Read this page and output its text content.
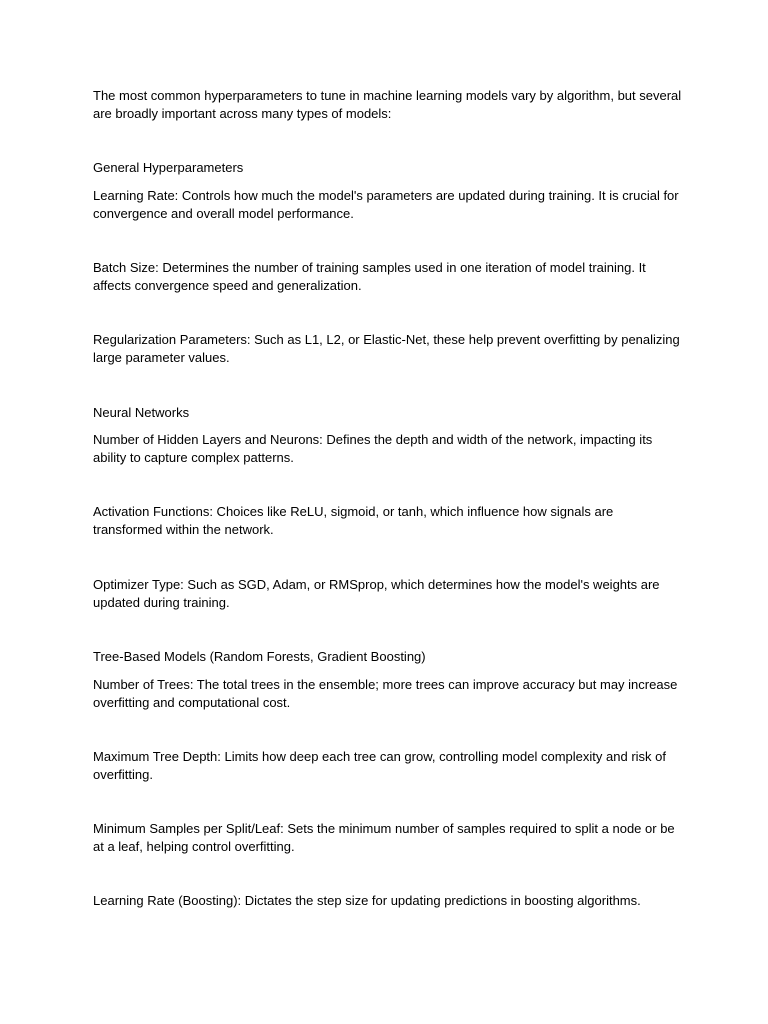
The most common hyperparameters to tune in machine learning models vary by algorithm, but several are broadly important across many types of models:

General Hyperparameters

Learning Rate: Controls how much the model's parameters are updated during training. It is crucial for convergence and overall model performance.

Batch Size: Determines the number of training samples used in one iteration of model training. It affects convergence speed and generalization.

Regularization Parameters: Such as L1, L2, or Elastic-Net, these help prevent overfitting by penalizing large parameter values.

Neural Networks

Number of Hidden Layers and Neurons: Defines the depth and width of the network, impacting its ability to capture complex patterns.

Activation Functions: Choices like ReLU, sigmoid, or tanh, which influence how signals are transformed within the network.

Optimizer Type: Such as SGD, Adam, or RMSprop, which determines how the model's weights are updated during training.

Tree-Based Models (Random Forests, Gradient Boosting)

Number of Trees: The total trees in the ensemble; more trees can improve accuracy but may increase overfitting and computational cost.

Maximum Tree Depth: Limits how deep each tree can grow, controlling model complexity and risk of overfitting.

Minimum Samples per Split/Leaf: Sets the minimum number of samples required to split a node or be at a leaf, helping control overfitting.

Learning Rate (Boosting): Dictates the step size for updating predictions in boosting algorithms.
